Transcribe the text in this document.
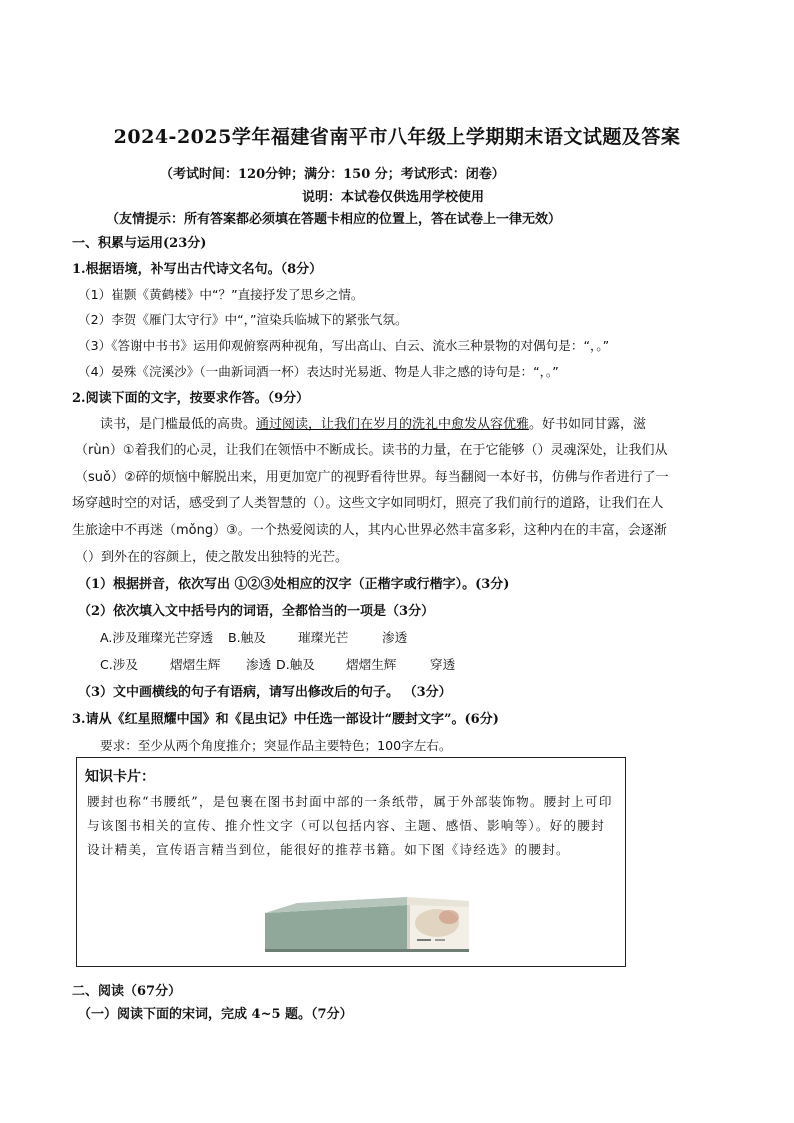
2024-2025学年福建省南平市八年级上学期期末语文试题及答案
（考试时间：120分钟；满分：150 分；考试形式：闭卷）
说明：本试卷仅供选用学校使用
（友情提示：所有答案都必须填在答题卡相应的位置上，答在试卷上一律无效）
一、积累与运用(23分)
1.根据语境，补写出古代诗文名句。（8分）
（1）崔颢《黄鹤楼》中“？”直接抒发了思乡之情。
（2）李贺《雁门太守行》中“，”渲染兵临城下的紧张气氛。
（3）《答谢中书书》运用仰观俯察两种视角，写出高山、白云、流水三种景物的对偶句是：“，。”
（4）晏殊《浣溪沙》（一曲新词酒一杯）表达时光易逝、物是人非之感的诗句是：“，。”
2.阅读下面的文字，按要求作答。（9分）
读书，是门槛最低的高贵。通过阅读，让我们在岁月的洗礼中愈发从容优雅。好书如同甘露，滋
（rùn）①着我们的心灵，让我们在领悟中不断成长。读书的力量，在于它能够（）灵魂深处，让我们从
（suǒ）②碎的烦恼中解脱出来，用更加宽广的视野看待世界。每当翻阅一本好书，仿佛与作者进行了一
场穿越时空的对话，感受到了人类智慧的（）。这些文字如同明灯，照亮了我们前行的道路，让我们在人
生旅途中不再迷（mǒng）③。一个热爱阅读的人，其内心世界必然丰富多彩，这种内在的丰富，会逐渐
（）到外在的容颜上，使之散发出独特的光芒。
（1）根据拼音，依次写出 ①②③处相应的汉字（正楷字或行楷字）。(3分)
（2）依次填入文中括号内的词语，全都恰当的一项是（3分）
A.涉及璀璨光芒穿透 B.触及	璀璨光芒	渗透
C.涉及	熠熠生辉 渗透 D.触及 熠熠生辉	穿透
（3）文中画横线的句子有语病，请写出修改后的句子。 （3分）
3.请从《红星照耀中国》和《昆虫记》中任选一部设计“腰封文字”。(6分)
要求：至少从两个角度推介；突显作品主要特色；100字左右。
知识卡片：
腰封也称“书腰纸”，是包裹在图书封面中部的一条纸带，属于外部装饰物。腰封上可印与该图书相关的宣传、推介性文字（可以包括内容、主题、感悟、影响等）。好的腰封设计精美，宣传语言精当到位，能很好的推荐书籍。如下图《诗经选》的腰封。
二、阅读（67分）
（一）阅读下面的宋词，完成 4~5 题。（7分）
